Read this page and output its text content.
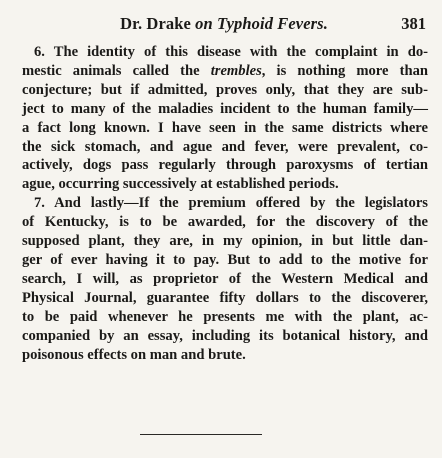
Dr. Drake on Typhoid Fevers.	381
6. The identity of this disease with the complaint in do-
mestic animals called the trembles, is nothing more than
conjecture; but if admitted, proves only, that they are sub-
ject to many of the maladies incident to the human family—
a fact long known. I have seen in the same districts where
the sick stomach, and ague and fever, were prevalent, co-
actively, dogs pass regularly through paroxysms of tertian
ague, occurring successively at established periods.
7. And lastly—If the premium offered by the legislators
of Kentucky, is to be awarded, for the discovery of the
supposed plant, they are, in my opinion, in but little dan-
ger of ever having it to pay. But to add to the motive for
search, I will, as proprietor of the Western Medical and
Physical Journal, guarantee fifty dollars to the discoverer,
to be paid whenever he presents me with the plant, ac-
companied by an essay, including its botanical history, and
poisonous effects on man and brute.
